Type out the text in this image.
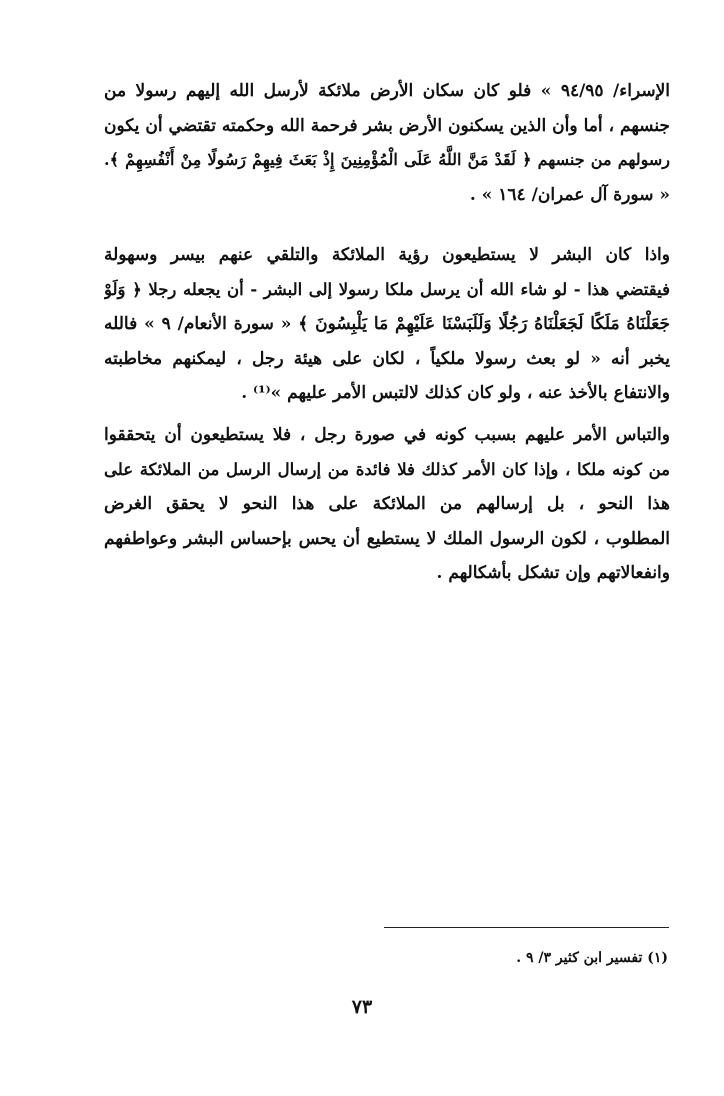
الإسراء/ ٩٤/٩٥ » فلو كان سكان الأرض ملائكة لأرسل الله إليهم رسولا من
جنسهم ، أما وأن الذين يسكنون الأرض بشر فرحمة الله وحكمته تقتضي أن يكون
رسولهم من جنسهم ﴿ لَقَدْ مَنَّ اللَّهُ عَلَى الْمُؤْمِنِينَ إِذْ بَعَثَ فِيهِمْ رَسُولًا مِنْ أَنْفُسِهِمْ ﴾.
« سورة آل عمران/ ١٦٤ » .
واذا كان البشر لا يستطيعون رؤية الملائكة والتلقي عنهم بيسر وسهولة
فيقتضي هذا - لو شاء الله أن يرسل ملكا رسولا إلى البشر - أن يجعله رجلا ﴿ وَلَوْ
جَعَلْنَاهُ مَلَكًا لَجَعَلْنَاهُ رَجُلًا وَلَلَبَسْنَا عَلَيْهِمْ مَا يَلْبِسُونَ ﴾ « سورة الأنعام/ ٩ » فالله
يخبر أنه « لو بعث رسولا ملكياً ، لكان على هيئة رجل ، ليمكنهم مخاطبته
والانتفاع بالأخذ عنه ، ولو كان كذلك لالتبس الأمر عليهم »⁽¹⁾ .
والتباس الأمر عليهم بسبب كونه في صورة رجل ، فلا يستطيعون أن يتحققوا
من كونه ملكا ، وإذا كان الأمر كذلك فلا فائدة من إرسال الرسل من الملائكة على
هذا النحو ، بل إرسالهم من الملائكة على هذا النحو لا يحقق الغرض
المطلوب ، لكون الرسول الملك لا يستطيع أن يحس بإحساس البشر وعواطفهم
وانفعالاتهم وإن تشكل بأشكالهم .
(١) تفسير ابن كثير ٣/ ٩ .
٧٣
